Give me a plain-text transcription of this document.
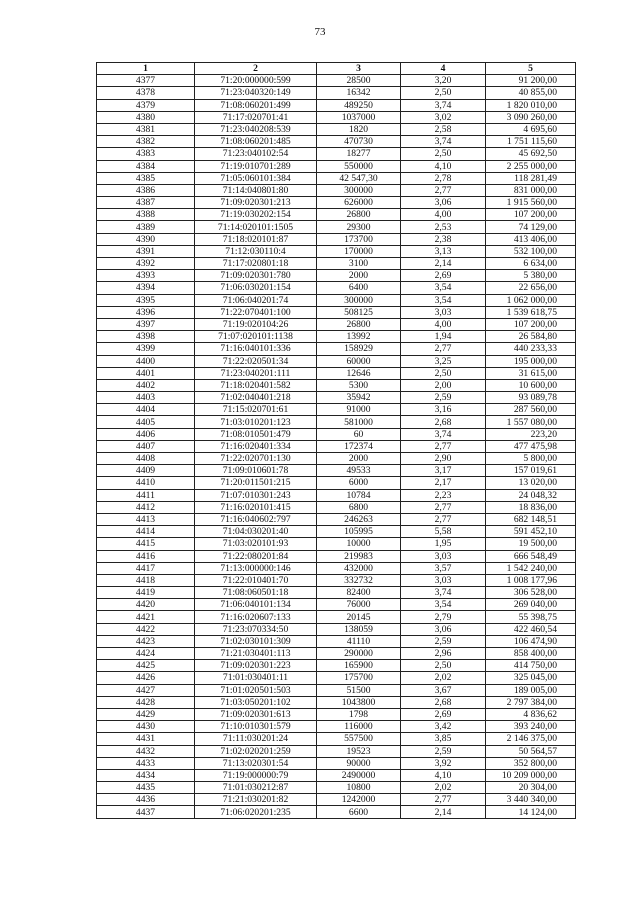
73
1	2	3	4	5
4377	71:20:000000:599	28500	3,20	91 200,00
4378	71:23:040320:149	16342	2,50	40 855,00
4379	71:08:060201:499	489250	3,74	1 820 010,00
4380	71:17:020701:41	1037000	3,02	3 090 260,00
4381	71:23:040208:539	1820	2,58	4 695,60
4382	71:08:060201:485	470730	3,74	1 751 115,60
4383	71:23:040102:54	18277	2,50	45 692,50
4384	71:19:010701:289	550000	4,10	2 255 000,00
4385	71:05:060101:384	42 547,30	2,78	118 281,49
4386	71:14:040801:80	300000	2,77	831 000,00
4387	71:09:020301:213	626000	3,06	1 915 560,00
4388	71:19:030202:154	26800	4,00	107 200,00
4389	71:14:020101:1505	29300	2,53	74 129,00
4390	71:18:020101:87	173700	2,38	413 406,00
4391	71:12:030110:4	170000	3,13	532 100,00
4392	71:17:020801:18	3100	2,14	6 634,00
4393	71:09:020301:780	2000	2,69	5 380,00
4394	71:06:030201:154	6400	3,54	22 656,00
4395	71:06:040201:74	300000	3,54	1 062 000,00
4396	71:22:070401:100	508125	3,03	1 539 618,75
4397	71:19:020104:26	26800	4,00	107 200,00
4398	71:07:020101:1138	13992	1,94	26 584,80
4399	71:16:040101:336	158929	2,77	440 233,33
4400	71:22:020501:34	60000	3,25	195 000,00
4401	71:23:040201:111	12646	2,50	31 615,00
4402	71:18:020401:582	5300	2,00	10 600,00
4403	71:02:040401:218	35942	2,59	93 089,78
4404	71:15:020701:61	91000	3,16	287 560,00
4405	71:03:010201:123	581000	2,68	1 557 080,00
4406	71:08:010501:479	60	3,74	223,20
4407	71:16:020401:334	172374	2,77	477 475,98
4408	71:22:020701:130	2000	2,90	5 800,00
4409	71:09:010601:78	49533	3,17	157 019,61
4410	71:20:011501:215	6000	2,17	13 020,00
4411	71:07:010301:243	10784	2,23	24 048,32
4412	71:16:020101:415	6800	2,77	18 836,00
4413	71:16:040602:797	246263	2,77	682 148,51
4414	71:04:030201:40	105995	5,58	591 452,10
4415	71:03:020101:93	10000	1,95	19 500,00
4416	71:22:080201:84	219983	3,03	666 548,49
4417	71:13:000000:146	432000	3,57	1 542 240,00
4418	71:22:010401:70	332732	3,03	1 008 177,96
4419	71:08:060501:18	82400	3,74	306 528,00
4420	71:06:040101:134	76000	3,54	269 040,00
4421	71:16:020607:133	20145	2,79	55 398,75
4422	71:23:070334:50	138059	3,06	422 460,54
4423	71:02:030101:309	41110	2,59	106 474,90
4424	71:21:030401:113	290000	2,96	858 400,00
4425	71:09:020301:223	165900	2,50	414 750,00
4426	71:01:030401:11	175700	2,02	325 045,00
4427	71:01:020501:503	51500	3,67	189 005,00
4428	71:03:050201:102	1043800	2,68	2 797 384,00
4429	71:09:020301:613	1798	2,69	4 836,62
4430	71:10:010301:579	116000	3,42	393 240,00
4431	71:11:030201:24	557500	3,85	2 146 375,00
4432	71:02:020201:259	19523	2,59	50 564,57
4433	71:13:020301:54	90000	3,92	352 800,00
4434	71:19:000000:79	2490000	4,10	10 209 000,00
4435	71:01:030212:87	10800	2,02	20 304,00
4436	71:21:030201:82	1242000	2,77	3 440 340,00
4437	71:06:020201:235	6600	2,14	14 124,00
